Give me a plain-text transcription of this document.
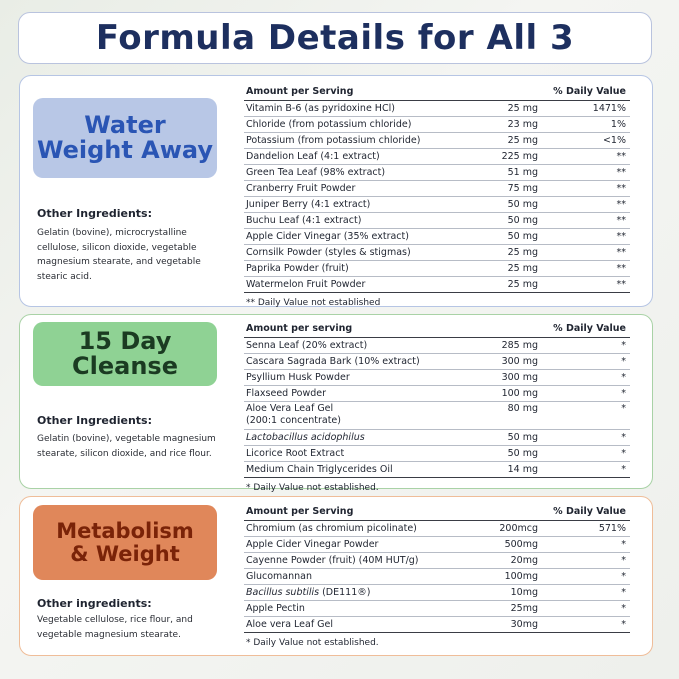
Formula Details for All 3
Water
Weight Away
Other Ingredients:
Gelatin (bovine), microcrystalline cellulose, silicon dioxide, vegetable magnesium stearate, and vegetable stearic acid.
Amount per Serving	% Daily Value
Vitamin B-6 (as pyridoxine HCl)	25 mg	1471%
Chloride (from potassium chloride)	23 mg	1%
Potassium (from potassium chloride)	25 mg	<1%
Dandelion Leaf (4:1 extract)	225 mg	**
Green Tea Leaf (98% extract)	51 mg	**
Cranberry Fruit Powder	75 mg	**
Juniper Berry (4:1 extract)	50 mg	**
Buchu Leaf (4:1 extract)	50 mg	**
Apple Cider Vinegar (35% extract)	50 mg	**
Cornsilk Powder (styles & stigmas)	25 mg	**
Paprika Powder (fruit)	25 mg	**
Watermelon Fruit Powder	25 mg	**
** Daily Value not established
15 Day
Cleanse
Other Ingredients:
Gelatin (bovine), vegetable magnesium stearate, silicon dioxide, and rice flour.
Amount per serving	% Daily Value
Senna Leaf (20% extract)	285 mg	*
Cascara Sagrada Bark (10% extract)	300 mg	*
Psyllium Husk Powder	300 mg	*
Flaxseed Powder	100 mg	*
Aloe Vera Leaf Gel
(200:1 concentrate)
80 mg	*
Lactobacillus acidophilus	50 mg	*
Licorice Root Extract	50 mg	*
Medium Chain Triglycerides Oil	14 mg	*
* Daily Value not established.
Metabolism
& Weight
Other ingredients:
Vegetable cellulose, rice flour, and vegetable magnesium stearate.
Amount per Serving	% Daily Value
Chromium (as chromium picolinate)	200mcg	571%
Apple Cider Vinegar Powder	500mg	*
Cayenne Powder (fruit) (40M HUT/g)	20mg	*
Glucomannan	100mg	*
Bacillus subtilis (DE111®)	10mg	*
Apple Pectin	25mg	*
Aloe vera Leaf Gel	30mg	*
* Daily Value not established.
